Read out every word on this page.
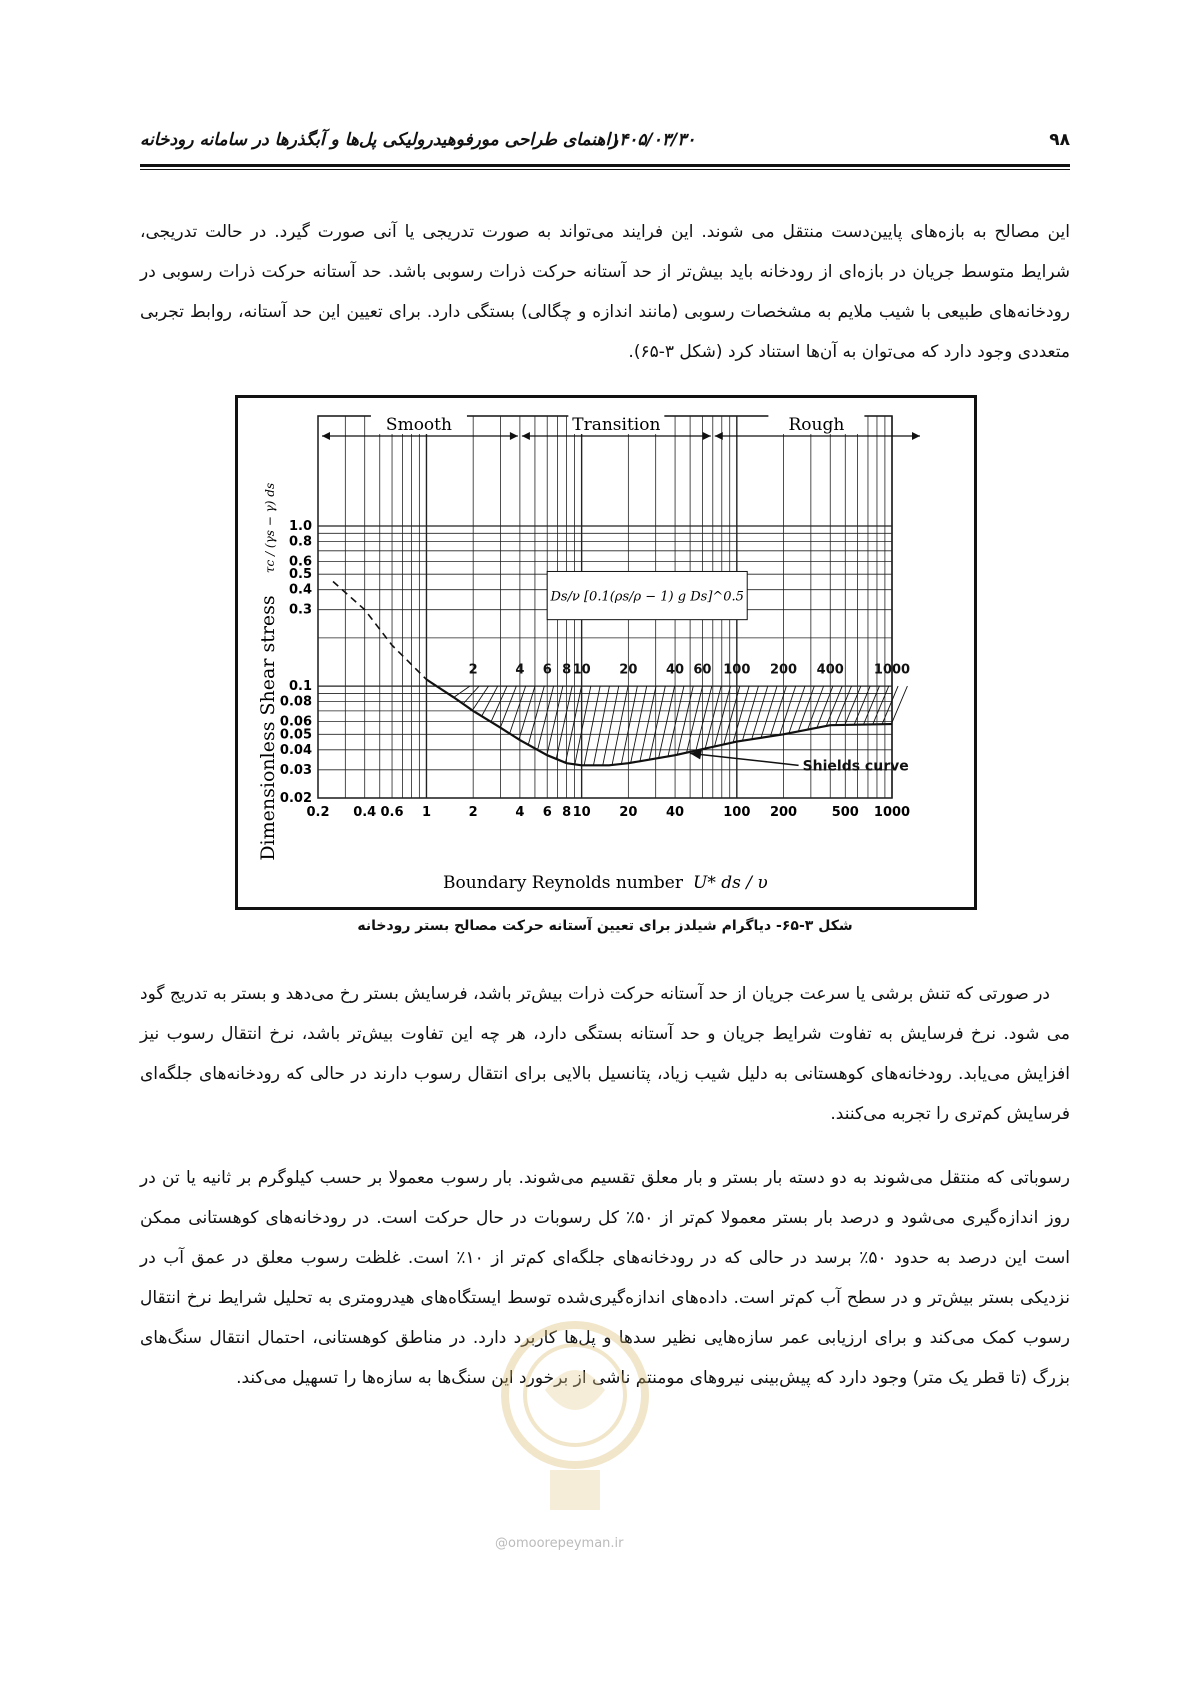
۹۸
۱۴۰۵/۰۳/۳۰
راهنمای طراحی مورفوهیدرولیکی پل‌ها و آبگذرها در سامانه رودخانه

این مصالح به بازه‌های پایین‌دست منتقل می شوند. این فرایند می‌تواند به صورت تدریجی یا آنی صورت گیرد. در حالت تدریجی، شرایط متوسط جریان در بازه‌ای از رودخانه باید بیش‌تر از حد آستانه حرکت ذرات رسوبی باشد. حد آستانه حرکت ذرات رسوبی در رودخانه‌های طبیعی با شیب ملایم به مشخصات رسوبی (مانند اندازه و چگالی) بستگی دارد. برای تعیین این حد آستانه، روابط تجربی متعددی وجود دارد که می‌توان به آن‌ها استناد کرد (شکل ۳-۶۵).

0.2 0.4 0.6 1	2	4 6 8 10 20 40	100 200	500 1000
0.02
0.03
0.04
0.05
0.06
0.08
0.1
0.3
0.4
0.5
0.6
0.8
1.0
2	4 6 8 10 20 40 60 100 200 400 1000
Shields curve
Smooth	Transition	Rough
Ds/ν [0.1(ρs/ρ − 1) g Ds]^0.5
Dimensionless Shear stress
τc / (γs − γ) ds
Boundary Reynolds number U* ds / υ
شکل ۳-۶۵- دیاگرام شیلدز برای تعیین آستانه حرکت مصالح بستر رودخانه

در صورتی که تنش برشی یا سرعت جریان از حد آستانه حرکت ذرات بیش‌تر باشد، فرسایش بستر رخ می‌دهد و بستر به تدریج گود می شود. نرخ فرسایش به تفاوت شرایط جریان و حد آستانه بستگی دارد، هر چه این تفاوت بیش‌تر باشد، نرخ انتقال رسوب نیز افزایش می‌یابد. رودخانه‌های کوهستانی به دلیل شیب زیاد، پتانسیل بالایی برای انتقال رسوب دارند در حالی که رودخانه‌های جلگه‌ای فرسایش کم‌تری را تجربه می‌کنند.

رسوباتی که منتقل می‌شوند به دو دسته بار بستر و بار معلق تقسیم می‌شوند. بار رسوب معمولا بر حسب کیلوگرم بر ثانیه یا تن در روز اندازه‌گیری می‌شود و درصد بار بستر معمولا کم‌تر از ۵۰٪ کل رسوبات در حال حرکت است. در رودخانه‌های کوهستانی ممکن است این درصد به حدود ۵۰٪ برسد در حالی که در رودخانه‌های جلگه‌ای کم‌تر از ۱۰٪ است. غلظت رسوب معلق در عمق آب در نزدیکی بستر بیش‌تر و در سطح آب کم‌تر است. داده‌های اندازه‌گیری‌شده توسط ایستگاه‌های هیدرومتری به تحلیل شرایط نرخ انتقال رسوب کمک می‌کند و برای ارزیابی عمر سازه‌هایی نظیر سدها و پل‌ها کاربرد دارد. در مناطق کوهستانی، احتمال انتقال سنگ‌های بزرگ (تا قطر یک متر) وجود دارد که پیش‌بینی نیروهای مومنتم ناشی از برخورد این سنگ‌ها به سازه‌ها را تسهیل می‌کند.

@omoorepeyman.ir
